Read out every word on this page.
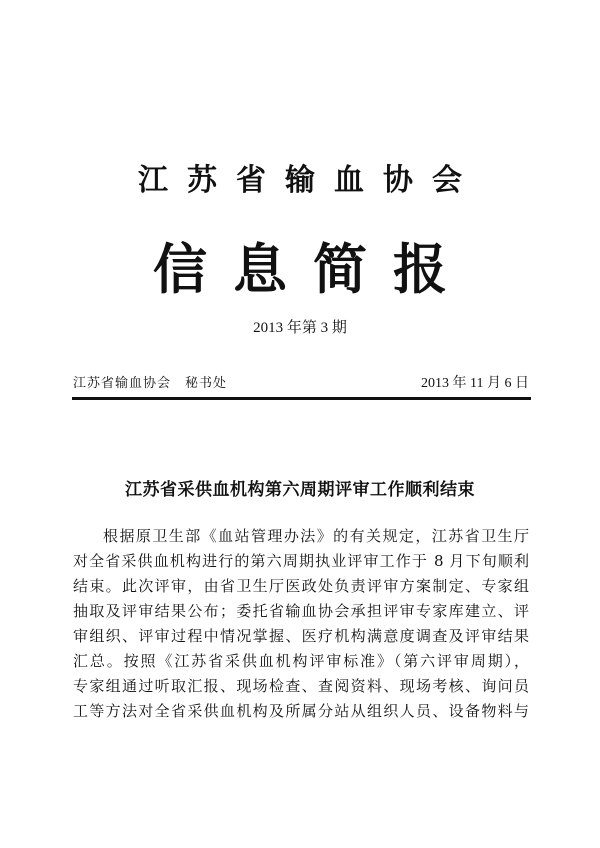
江苏省输血协会
信息简报
2013 年第 3 期
江苏省输血协会 秘书处	2013 年 11 月 6 日
江苏省采供血机构第六周期评审工作顺利结束
根据原卫生部《血站管理办法》的有关规定，江苏省卫生厅
对全省采供血机构进行的第六周期执业评审工作于 8 月下旬顺利
结束。此次评审，由省卫生厅医政处负责评审方案制定、专家组
抽取及评审结果公布；委托省输血协会承担评审专家库建立、评
审组织、评审过程中情况掌握、医疗机构满意度调查及评审结果
汇总。按照《江苏省采供血机构评审标准》（第六评审周期），
专家组通过听取汇报、现场检查、查阅资料、现场考核、询问员
工等方法对全省采供血机构及所属分站从组织人员、设备物料与
